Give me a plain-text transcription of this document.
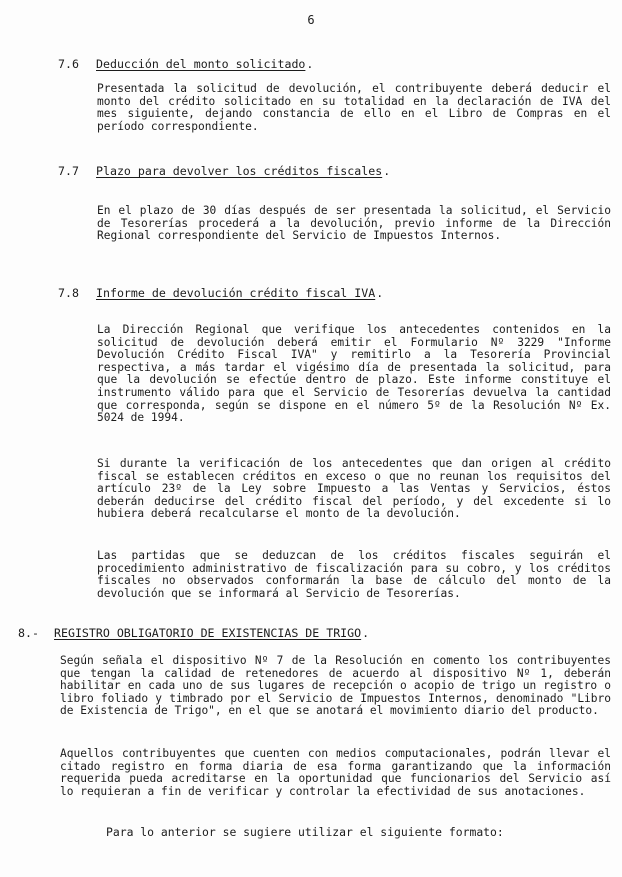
6
7.6 Deducción del monto solicitado.
Presentada la solicitud de devolución, el contribuyente deberá deducir el monto del crédito solicitado en su totalidad en la declaración de IVA del mes siguiente, dejando constancia de ello en el Libro de Compras en el período correspondiente.
7.7 Plazo para devolver los créditos fiscales.
En el plazo de 30 días después de ser presentada la solicitud, el Servicio de Tesorerías procederá a la devolución, previo informe de la Dirección Regional correspondiente del Servicio de Impuestos Internos.
7.8 Informe de devolución crédito fiscal IVA.
La Dirección Regional que verifique los antecedentes contenidos en la solicitud de devolución deberá emitir el Formulario Nº 3229 "Informe Devolución Crédito Fiscal IVA" y remitirlo a la Tesorería Provincial respectiva, a más tardar el vigésimo día de presentada la solicitud, para que la devolución se efectúe dentro de plazo. Este informe constituye el instrumento válido para que el Servicio de Tesorerías devuelva la cantidad que corresponda, según se dispone en el número 5º de la Resolución Nº Ex. 5024 de 1994.
Si durante la verificación de los antecedentes que dan origen al crédito fiscal se establecen créditos en exceso o que no reunan los requisitos del artículo 23º de la Ley sobre Impuesto a las Ventas y Servicios, éstos deberán deducirse del crédito fiscal del período, y del excedente si lo hubiera deberá recalcularse el monto de la devolución.
Las partidas que se deduzcan de los créditos fiscales seguirán el procedimiento administrativo de fiscalización para su cobro, y los créditos fiscales no observados conformarán la base de cálculo del monto de la devolución que se informará al Servicio de Tesorerías.
8.- REGISTRO OBLIGATORIO DE EXISTENCIAS DE TRIGO.
Según señala el dispositivo Nº 7 de la Resolución en comento los contribuyentes que tengan la calidad de retenedores de acuerdo al dispositivo Nº 1, deberán habilitar en cada uno de sus lugares de recepción o acopio de trigo un registro o libro foliado y timbrado por el Servicio de Impuestos Internos, denominado "Libro de Existencia de Trigo", en el que se anotará el movimiento diario del producto.
Aquellos contribuyentes que cuenten con medios computacionales, podrán llevar el citado registro en forma diaria de esa forma garantizando que la información requerida pueda acreditarse en la oportunidad que funcionarios del Servicio así lo requieran a fin de verificar y controlar la efectividad de sus anotaciones.
Para lo anterior se sugiere utilizar el siguiente formato:
